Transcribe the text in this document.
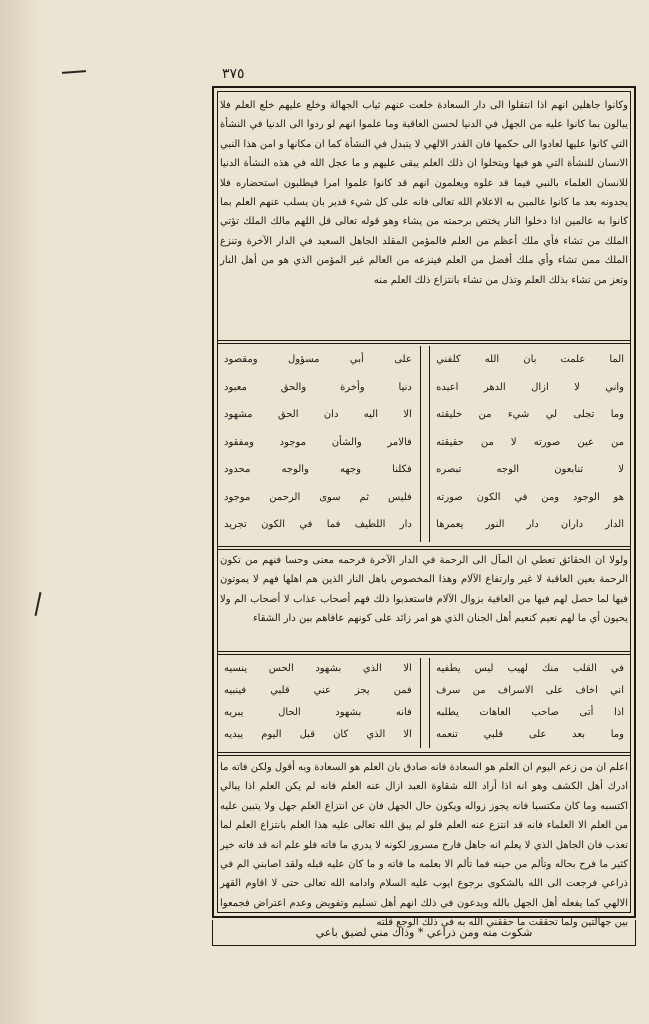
٣٧٥

وكانوا جاهلين انهم اذا انتقلوا الى دار السعادة خلعت عنهم ثياب الجهالة وخلع عليهم خلع العلم فلا يبالون بما كانوا عليه من الجهل في الدنيا لحسن العاقبة وما علموا انهم لو ردوا الى الدنيا في النشأة التي كانوا عليها لعادوا الى حكمها فان القدر الالهي لا يتبدل في النشأة كما ان مكانها و امن هذا النبي الانسان للنشأة التي هو فيها ويتخلوا ان ذلك العلم يبقى عليهم و ما عجل الله في هذه النشأة الدنيا للانسان العلماء بالنبي فيما قد علوه ويعلمون انهم قد كانوا علموا امرا فيطلبون استحضاره فلا يجدونه بعد ما كانوا عالمين به الاعلام الله تعالى فانه على كل شيء قدير بان يسلب عنهم العلم بما كانوا به عالمين اذا دخلوا النار يختص برحمته من يشاء وهو قوله تعالى قل اللهم مالك الملك تؤتي الملك من تشاء فأي ملك أعظم من العلم فالمؤمن المقلد الجاهل السعيد في الدار الآخرة وتنزع الملك ممن تشاء وأي ملك أفضل من العلم فينزعه من العالم غير المؤمن الذي هو من أهل النار وتعز من تشاء بذلك العلم وتذل من تشاء بانتزاع ذلك العلم منه

الما علمت بان الله كلفني
واني لا ازال الدهر اعبده
وما تجلى لي شيء من خليقته
من عين صورته لا من حقيقته
لا تنابعون الوجه تبصره
هو الوجود ومن في الكون صورته
الدار داران دار النور يعمرها
على أبي مسؤول ومقصود
دنيا وأخرة والحق معبود
الا اليه دان الحق مشهود
فالامر والشأن موجود ومفقود
فكلنا وجهه والوجه محدود
فليس ثم سوى الرحمن موجود
دار اللطيف فما في الكون تجريد

ولولا ان الحقائق تعطي ان المآل الى الرحمة في الدار الآخرة فرحمه معنى وحسا فنهم من تكون الرحمة بعين العاقبة لا غير وارتفاع الآلام وهذا المخصوص باهل النار الذين هم اهلها فهم لا يموتون فيها لما حصل لهم فيها من العافية بزوال الآلام فاستعذبوا ذلك فهم أصحاب عذاب لا أصحاب الم ولا يحيون أي ما لهم نعيم كنعيم أهل الجنان الذي هو امر زائد على كونهم عافاهم بين دار الشقاء

في القلب منك لهيب ليس يطفيه
اني اخاف على الاسراف من سرف
اذا أتى صاحب العاهات يطلبه
وما بعد على قلبي تنعمه
الا الذي بشهود الحس ينسيه
فمن يجز عني قلبي فينبيه
فانه بشهود الحال يبريه
الا الذي كان قبل اليوم يبديه

اعلم ان من زعم اليوم ان العلم هو السعادة فانه صادق بان العلم هو السعادة وبه أقول ولكن فاته ما ادرك أهل الكشف وهو انه اذا أراد الله شقاوة العبد ازال عنه العلم فانه لم يكن العلم اذا يبالي اكتسبه وما كان مكتسبا فانه يجوز زواله ويكون حال الجهل فان عن انتزاع العلم جهل ولا يتبين عليه من العلم الا العلماء فانه قد انتزع عنه العلم فلو لم يبق الله تعالى عليه هذا العلم بانتزاع العلم لما تعذب فان الجاهل الذي لا يعلم انه جاهل فارح مسرور لكونه لا يدري ما فاته فلو علم انه قد فاته خير كثير ما فرح بحاله وتألم من حينه فما تألم الا بعلمه ما فاته و ما كان عليه قبله ولقد اصابني الم في ذراعي فرجعت الى الله بالشكوى برجوع ايوب عليه السلام وادامه الله تعالى حتى لا اقاوم القهر الالهي كما يفعله أهل الجهل بالله ويدعون في ذلك انهم أهل تسليم وتفويض وعدم اعتراض فجمعوا بين جهالتين ولما تحققت ما حققني الله به في ذلك الوجع قلته

شكوت منه ومن ذراعي * وذاك مني لضيق باعي
